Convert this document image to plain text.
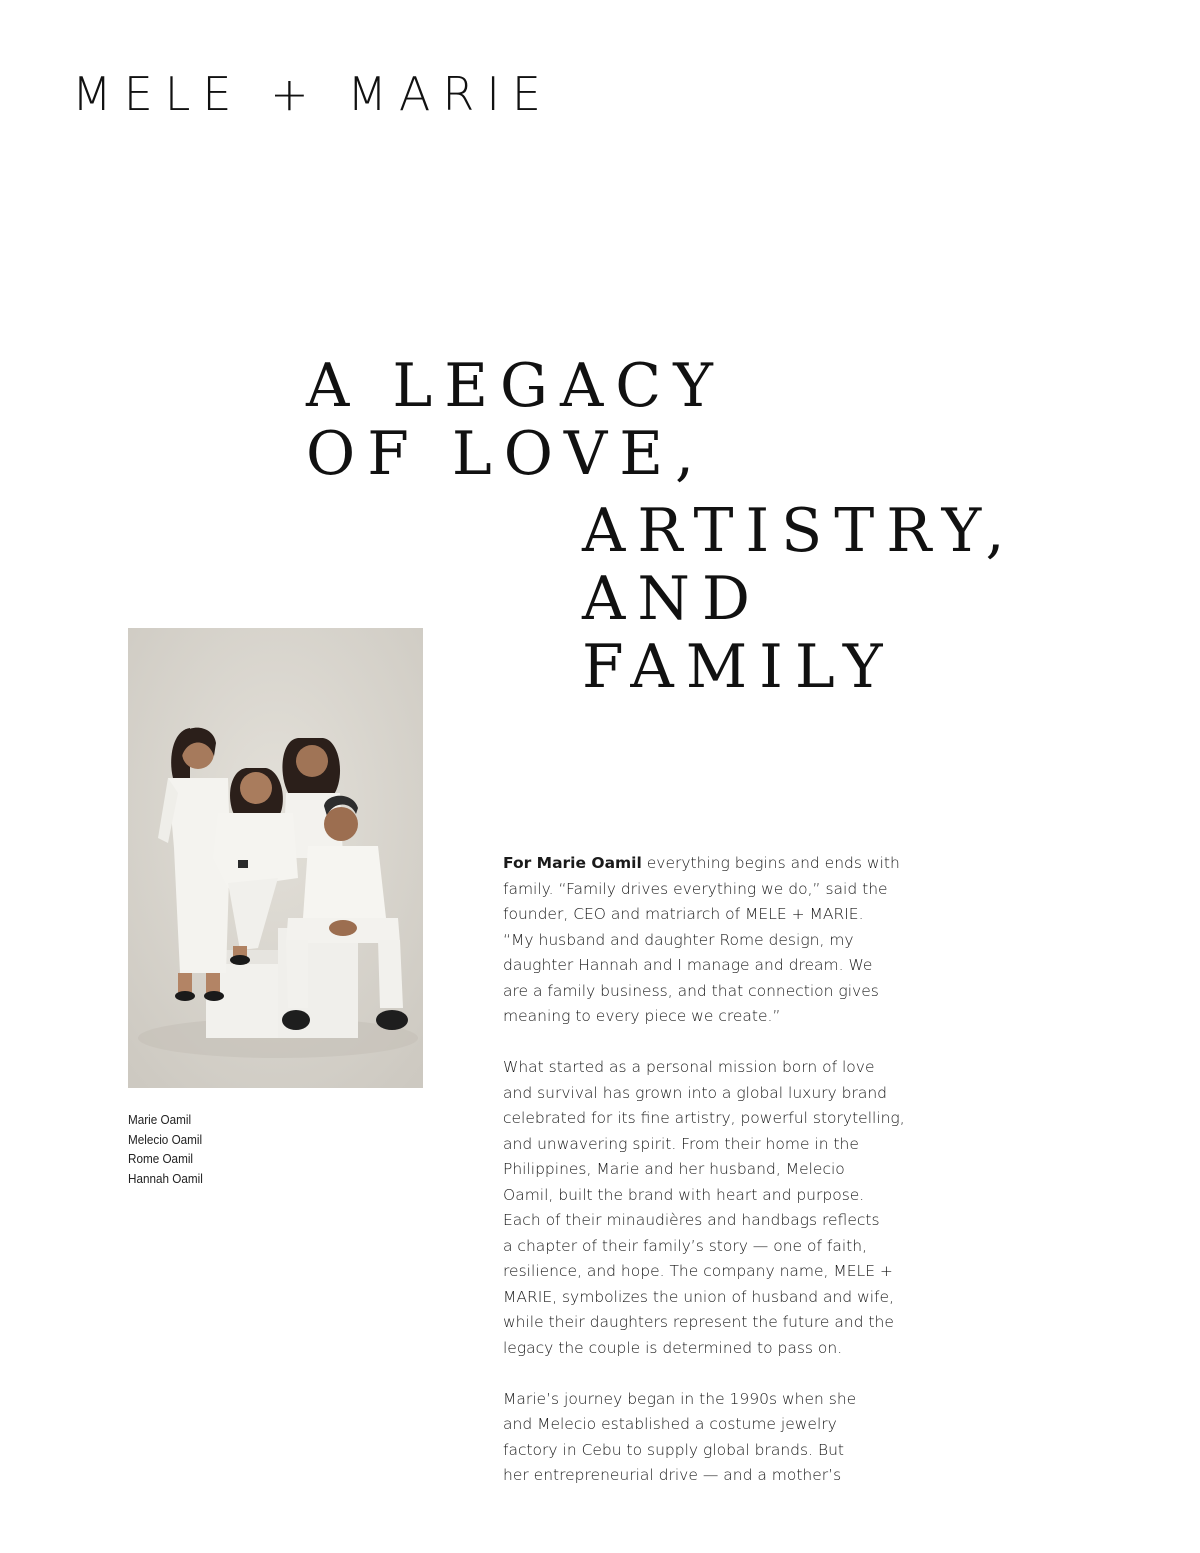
MELE + MARIE
A LEGACY
OF LOVE,
ARTISTRY,
AND
FAMILY
Marie Oamil
Melecio Oamil
Rome Oamil
Hannah Oamil
For Marie Oamil everything begins and ends with
family. “Family drives everything we do,” said the
founder, CEO and matriarch of MELE + MARIE.
“My husband and daughter Rome design, my
daughter Hannah and I manage and dream. We
are a family business, and that connection gives
meaning to every piece we create.”
What started as a personal mission born of love
and survival has grown into a global luxury brand
celebrated for its fine artistry, powerful storytelling,
and unwavering spirit. From their home in the
Philippines, Marie and her husband, Melecio
Oamil, built the brand with heart and purpose.
Each of their minaudières and handbags reflects
a chapter of their family’s story — one of faith,
resilience, and hope. The company name, MELE +
MARIE, symbolizes the union of husband and wife,
while their daughters represent the future and the
legacy the couple is determined to pass on.
Marie’s journey began in the 1990s when she
and Melecio established a costume jewelry
factory in Cebu to supply global brands. But
her entrepreneurial drive — and a mother’s
